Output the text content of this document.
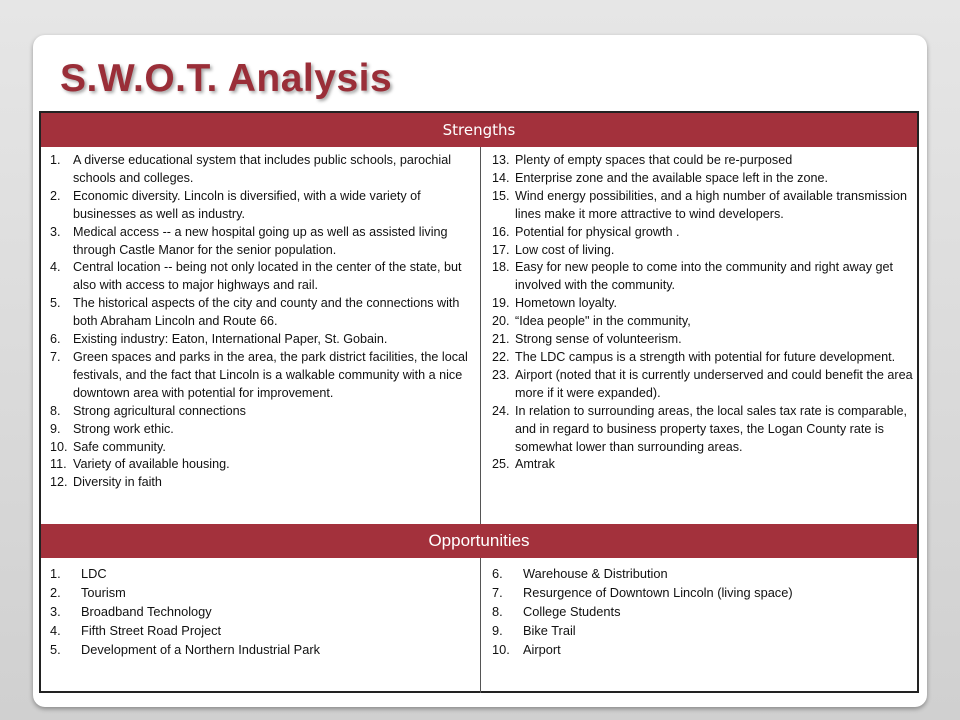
S.W.O.T. Analysis
Strengths
1. A diverse educational system that includes public schools, parochial schools and colleges.
2. Economic diversity. Lincoln is diversified, with a wide variety of businesses as well as industry.
3. Medical access -- a new hospital going up as well as assisted living through Castle Manor for the senior population.
4. Central location -- being not only located in the center of the state, but also with access to major highways and rail.
5. The historical aspects of the city and county and the connections with both Abraham Lincoln and Route 66.
6. Existing industry: Eaton, International Paper, St. Gobain.
7. Green spaces and parks in the area, the park district facilities, the local festivals, and the fact that Lincoln is a walkable community with a nice downtown area with potential for improvement.
8. Strong agricultural connections
9. Strong work ethic.
10. Safe community.
11. Variety of available housing.
12. Diversity in faith
13. Plenty of empty spaces that could be re-purposed
14. Enterprise zone and the available space left in the zone.
15. Wind energy possibilities, and a high number of available transmission lines make it more attractive to wind developers.
16. Potential for physical growth .
17. Low cost of living.
18. Easy for new people to come into the community and right away get involved with the community.
19. Hometown loyalty.
20. “Idea people" in the community,
21. Strong sense of volunteerism.
22. The LDC campus is a strength with potential for future development.
23. Airport (noted that it is currently underserved and could benefit the area more if it were expanded).
24. In relation to surrounding areas, the local sales tax rate is comparable, and in regard to business property taxes, the Logan County rate is somewhat lower than surrounding areas.
25. Amtrak
Opportunities
1. LDC
2. Tourism
3. Broadband Technology
4. Fifth Street Road Project
5. Development of a Northern Industrial Park
6. Warehouse & Distribution
7. Resurgence of Downtown Lincoln (living space)
8. College Students
9. Bike Trail
10. Airport
